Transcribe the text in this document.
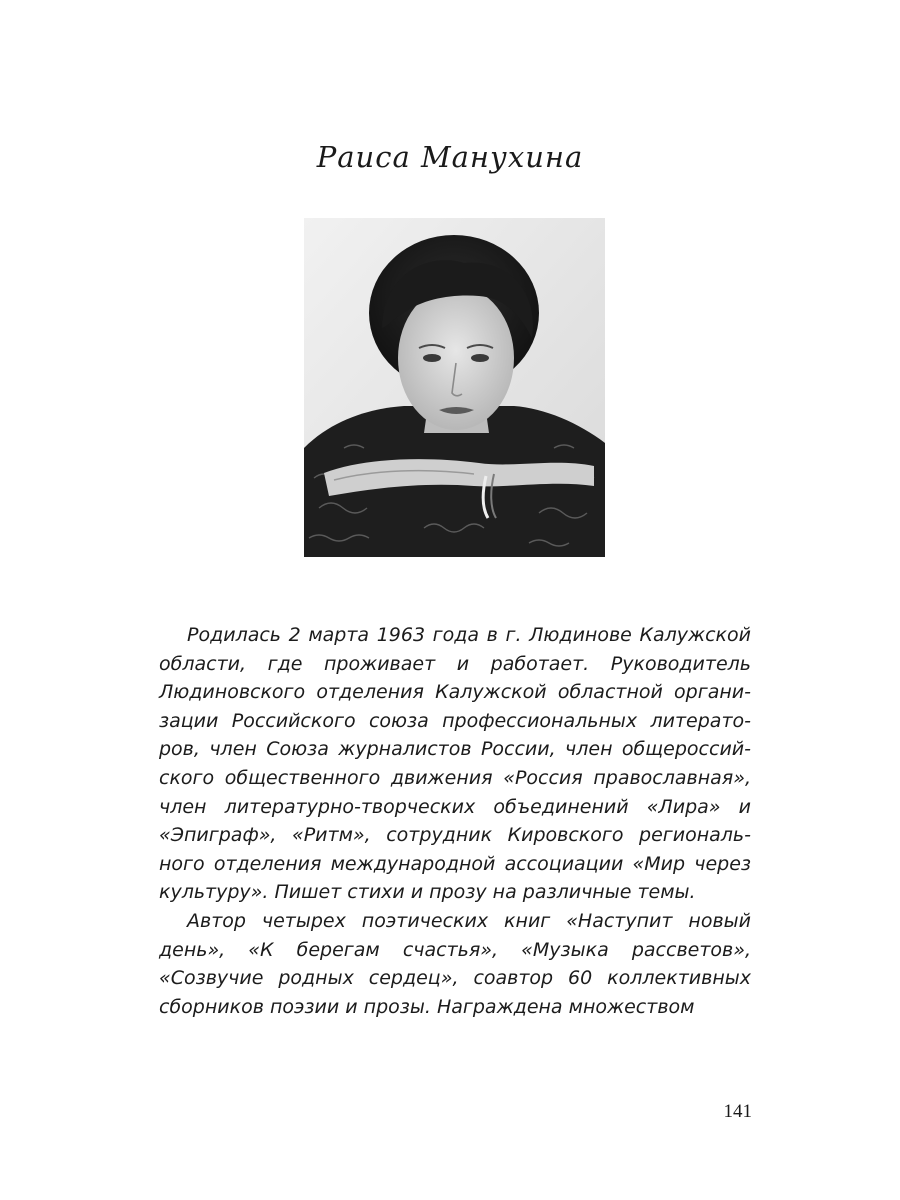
Раиса Манухина

Родилась 2 марта 1963 года в г. Людинове Калужской области, где проживает и работает. Руководитель Людиновского отделения Калужской областной организации Российского союза профессиональных литераторов, член Союза журналистов России, член общероссийского общественного движения «Россия православная», член литературно-творческих объединений «Лира» и «Эпиграф», «Ритм», сотрудник Кировского регионального отделения международной ассоциации «Мир через культуру». Пишет стихи и прозу на различные темы.

Автор четырех поэтических книг «Наступит новый день», «К берегам счастья», «Музыка рассветов», «Созвучие родных сердец», соавтор 60 коллективных сборников поэзии и прозы. Награждена множеством

141
